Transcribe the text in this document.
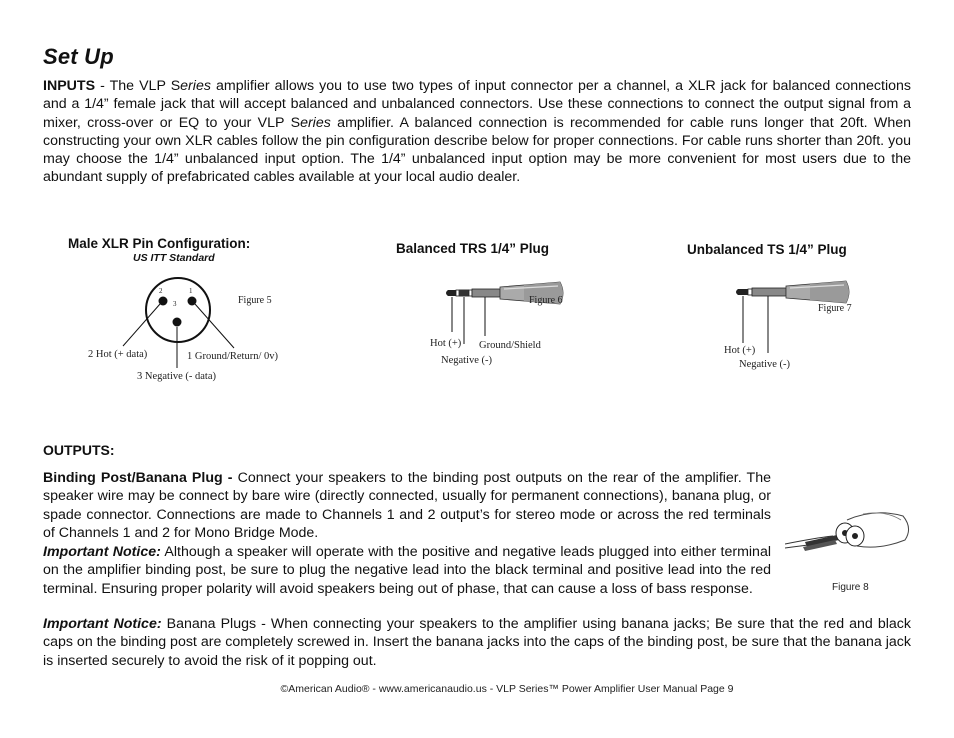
Set Up

INPUTS - The VLP Series amplifier allows you to use two types of input connector per a channel, a XLR jack for balanced connections and a 1/4” female jack that will accept balanced and unbalanced connectors. Use these connections to connect the output signal from a mixer, cross-over or EQ to your VLP Series amplifier. A balanced connection is recommended for cable runs longer that 20ft. When constructing your own XLR cables follow the pin configuration describe below for proper connections. For cable runs shorter than 20ft. you may choose the 1/4” unbalanced input option. The 1/4” unbalanced input option may be more convenient for most users due to the abundant supply of prefabricated cables available at your local audio dealer.

Male XLR Pin Configuration:
US ITT Standard
2	1
3	Figure 5
2 Hot (+ data)	1 Ground/Return/ 0v)
3 Negative (- data)
Balanced TRS 1/4” Plug
Figure 6
Hot (+) Ground/Shield
Negative (-)
Unbalanced TS 1/4” Plug
Figure 7
Hot (+)
Negative (-)
OUTPUTS:

Binding Post/Banana Plug - Connect your speakers to the binding post outputs on the rear of the amplifier. The speaker wire may be connect by bare wire (directly connected, usually for permanent connections), banana plug, or spade connector. Connections are made to Channels 1 and 2 output’s for stereo mode or across the red terminals of Channels 1 and 2 for Mono Bridge Mode.

Important Notice: Although a speaker will operate with the positive and negative leads plugged into either terminal on the amplifier binding post, be sure to plug the negative lead into the black terminal and positive lead into the red terminal. Ensuring proper polarity will avoid speakers being out of phase, that can cause a loss of bass response.

Important Notice: Banana Plugs - When connecting your speakers to the amplifier using banana jacks; Be sure that the red and black caps on the binding post are completely screwed in. Insert the banana jacks into the caps of the binding post, be sure that the banana jack is inserted securely to avoid the risk of it popping out.

Figure 8
©American Audio® - www.americanaudio.us - VLP Series™ Power Amplifier User Manual Page 9
